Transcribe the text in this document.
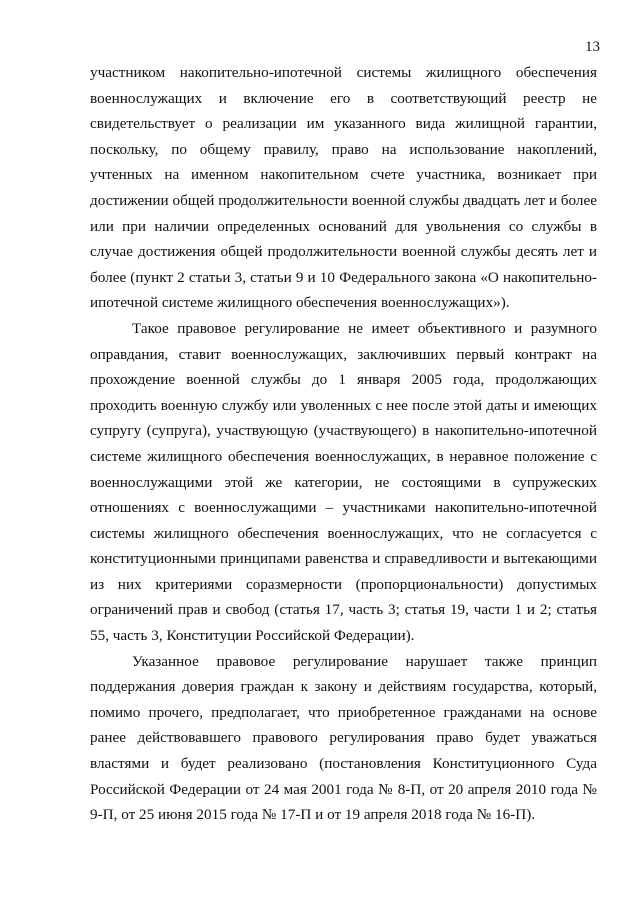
13

участником накопительно-ипотечной системы жилищного обеспечения военнослужащих и включение его в соответствующий реестр не свидетельствует о реализации им указанного вида жилищной гарантии, поскольку, по общему правилу, право на использование накоплений, учтенных на именном накопительном счете участника, возникает при достижении общей продолжительности военной службы двадцать лет и более или при наличии определенных оснований для увольнения со службы в случае достижения общей продолжительности военной службы десять лет и более (пункт 2 статьи 3, статьи 9 и 10 Федерального закона «О накопительно-ипотечной системе жилищного обеспечения военнослужащих»).

Такое правовое регулирование не имеет объективного и разумного оправдания, ставит военнослужащих, заключивших первый контракт на прохождение военной службы до 1 января 2005 года, продолжающих проходить военную службу или уволенных с нее после этой даты и имеющих супругу (супруга), участвующую (участвующего) в накопительно-ипотечной системе жилищного обеспечения военнослужащих, в неравное положение с военнослужащими этой же категории, не состоящими в супружеских отношениях с военнослужащими – участниками накопительно-ипотечной системы жилищного обеспечения военнослужащих, что не согласуется с конституционными принципами равенства и справедливости и вытекающими из них критериями соразмерности (пропорциональности) допустимых ограничений прав и свобод (статья 17, часть 3; статья 19, части 1 и 2; статья 55, часть 3, Конституции Российской Федерации).

Указанное правовое регулирование нарушает также принцип поддержания доверия граждан к закону и действиям государства, который, помимо прочего, предполагает, что приобретенное гражданами на основе ранее действовавшего правового регулирования право будет уважаться властями и будет реализовано (постановления Конституционного Суда Российской Федерации от 24 мая 2001 года № 8-П, от 20 апреля 2010 года № 9-П, от 25 июня 2015 года № 17-П и от 19 апреля 2018 года № 16-П).
